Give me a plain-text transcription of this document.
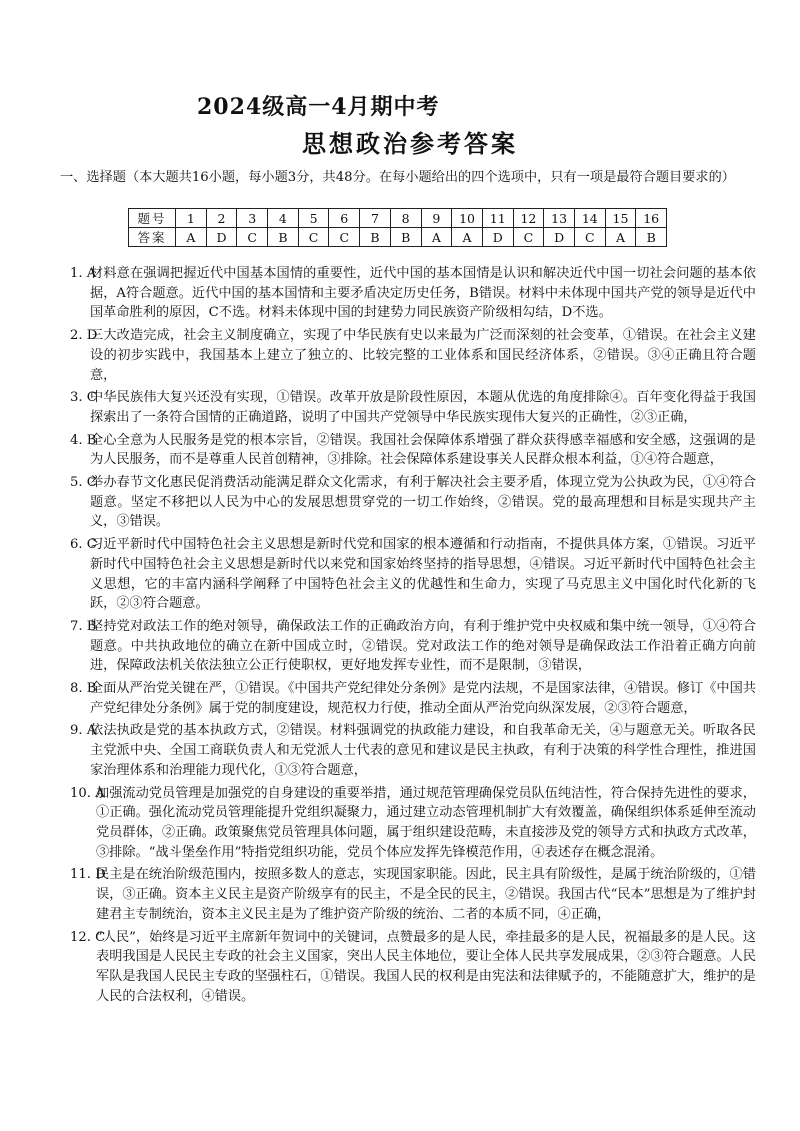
2024级高一4月期中考
思想政治参考答案
一、选择题（本大题共16小题，每小题3分，共48分。在每小题给出的四个选项中，只有一项是最符合题目要求的）
题号	1	2	3	4	5	6	7	8	9	10	11	12	13	14	15	16
答案	A	D	C	B	C	C	B	B	A	A	D	C	D	C	A	B
1. A
材料意在强调把握近代中国基本国情的重要性，近代中国的基本国情是认识和解决近代中国一切社会问题的基本依据，A符合题意。近代中国的基本国情和主要矛盾决定历史任务，B错误。材料中未体现中国共产党的领导是近代中国革命胜利的原因，C不选。材料未体现中国的封建势力同民族资产阶级相勾结，D不选。
2. D
三大改造完成，社会主义制度确立，实现了中华民族有史以来最为广泛而深刻的社会变革，①错误。在社会主义建设的初步实践中，我国基本上建立了独立的、比较完整的工业体系和国民经济体系，②错误。③④正确且符合题意，
3. C
中华民族伟大复兴还没有实现，①错误。改革开放是阶段性原因，本题从优选的角度排除④。百年变化得益于我国探索出了一条符合国情的正确道路，说明了中国共产党领导中华民族实现伟大复兴的正确性，②③正确，
4. B
全心全意为人民服务是党的根本宗旨，②错误。我国社会保障体系增强了群众获得感幸福感和安全感，这强调的是为人民服务，而不是尊重人民首创精神，③排除。社会保障体系建设事关人民群众根本利益，①④符合题意，
5. C
举办春节文化惠民促消费活动能满足群众文化需求，有利于解决社会主要矛盾，体现立党为公执政为民，①④符合题意。坚定不移把以人民为中心的发展思想贯穿党的一切工作始终，②错误。党的最高理想和目标是实现共产主义，③错误。
6. C
习近平新时代中国特色社会主义思想是新时代党和国家的根本遵循和行动指南，不提供具体方案，①错误。习近平新时代中国特色社会主义思想是新时代以来党和国家始终坚持的指导思想，④错误。习近平新时代中国特色社会主义思想，它的丰富内涵科学阐释了中国特色社会主义的优越性和生命力，实现了马克思主义中国化时代化新的飞跃，②③符合题意。
7. B
坚持党对政法工作的绝对领导，确保政法工作的正确政治方向，有利于维护党中央权威和集中统一领导，①④符合题意。中共执政地位的确立在新中国成立时，②错误。党对政法工作的绝对领导是确保政法工作沿着正确方向前进，保障政法机关依法独立公正行使职权，更好地发挥专业性，而不是限制，③错误，
8. B
全面从严治党关键在严，①错误。《中国共产党纪律处分条例》是党内法规，不是国家法律，④错误。修订《中国共产党纪律处分条例》属于党的制度建设，规范权力行使，推动全面从严治党向纵深发展，②③符合题意，
9. A
依法执政是党的基本执政方式，②错误。材料强调党的执政能力建设，和自我革命无关，④与题意无关。听取各民主党派中央、全国工商联负责人和无党派人士代表的意见和建议是民主执政，有利于决策的科学性合理性，推进国家治理体系和治理能力现代化，①③符合题意，
10. A
加强流动党员管理是加强党的自身建设的重要举措，通过规范管理确保党员队伍纯洁性，符合保持先进性的要求，①正确。强化流动党员管理能提升党组织凝聚力，通过建立动态管理机制扩大有效覆盖，确保组织体系延伸至流动党员群体，②正确。政策聚焦党员管理具体问题，属于组织建设范畴，未直接涉及党的领导方式和执政方式改革，③排除。“战斗堡垒作用”特指党组织功能，党员个体应发挥先锋模范作用，④表述存在概念混淆。
11. D
民主是在统治阶级范围内，按照多数人的意志，实现国家职能。因此，民主具有阶级性，是属于统治阶级的，①错误，③正确。资本主义民主是资产阶级享有的民主，不是全民的民主，②错误。我国古代“民本”思想是为了维护封建君主专制统治，资本主义民主是为了维护资产阶级的统治、二者的本质不同，④正确，
12. C
“人民”，始终是习近平主席新年贺词中的关键词，点赞最多的是人民，牵挂最多的是人民，祝福最多的是人民。这表明我国是人民民主专政的社会主义国家，突出人民主体地位，要让全体人民共享发展成果，②③符合题意。人民军队是我国人民民主专政的坚强柱石，①错误。我国人民的权利是由宪法和法律赋予的，不能随意扩大，维护的是人民的合法权利，④错误。
